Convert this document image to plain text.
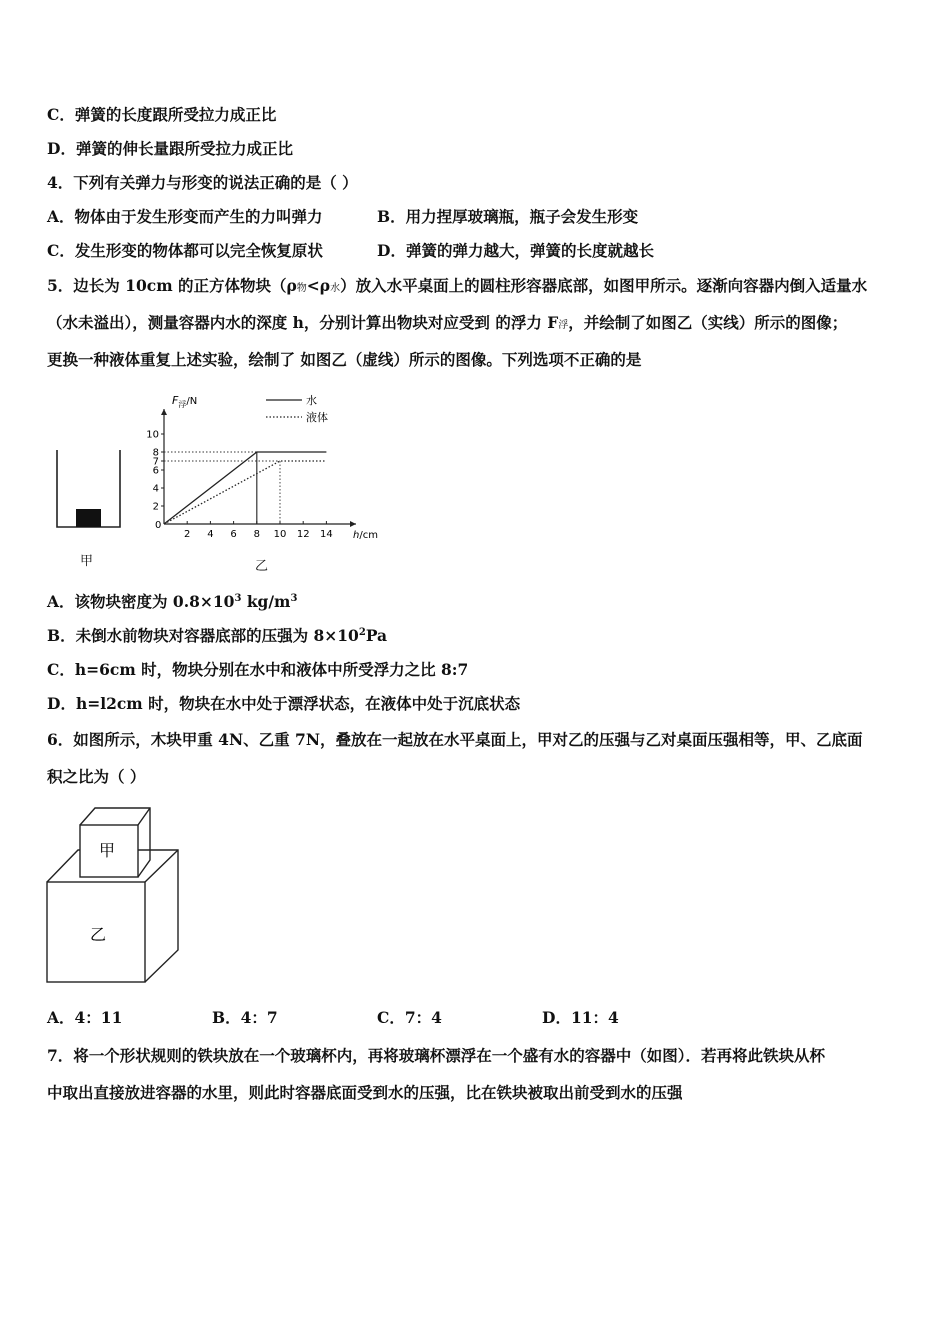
C．弹簧的长度跟所受拉力成正比
D．弹簧的伸长量跟所受拉力成正比
4．下列有关弹力与形变的说法正确的是（ ）
A．物体由于发生形变而产生的力叫弹力	B．用力捏厚玻璃瓶，瓶子会发生形变
C．发生形变的物体都可以完全恢复原状	D．弹簧的弹力越大，弹簧的长度就越长
5．边长为 10cm 的正方体物块（ρ物<ρ水）放入水平桌面上的圆柱形容器底部，如图甲所示。逐渐向容器内倒入适量水
（水未溢出），测量容器内水的深度 h，分别计算出物块对应受到 的浮力 F浮，并绘制了如图乙（实线）所示的图像；
更换一种液体重复上述实验，绘制了 如图乙（虚线）所示的图像。下列选项不正确的是
甲
0
2 4 6 8 10 12 14
2
4
6
7
8
10
$F_浮/N$
h/cm
水
液体
乙
A．该物块密度为 $0.8\times 10^3$ $kg/m^3$
B．未倒水前物块对容器底部的压强为 $8\times 10^2Pa$
C．h=6cm 时，物块分别在水中和液体中所受浮力之比 8:7
D．h=l2cm 时，物块在水中处于漂浮状态，在液体中处于沉底状态
6．如图所示，木块甲重 4N、乙重 7N，叠放在一起放在水平桌面上，甲对乙的压强与乙对桌面压强相等，甲、乙底面
积之比为（ ）
甲
乙
A．4：11	B．4：7	C．7：4	D．11：4
7．将一个形状规则的铁块放在一个玻璃杯内，再将玻璃杯漂浮在一个盛有水的容器中（如图）．若再将此铁块从杯
中取出直接放进容器的水里，则此时容器底面受到水的压强，比在铁块被取出前受到水的压强
